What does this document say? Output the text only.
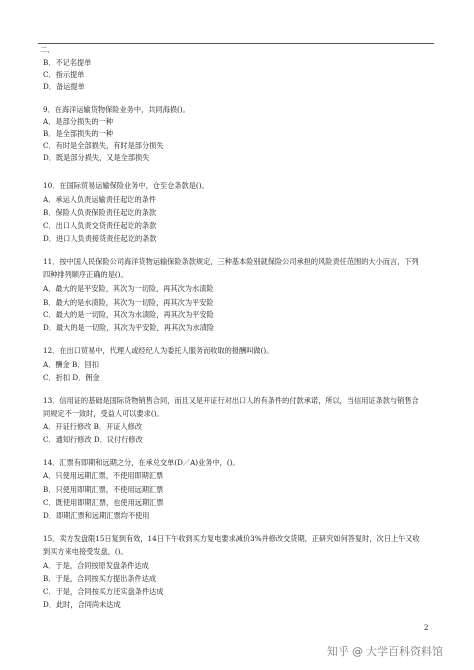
二、
B．不记名提单
C．指示提单
D．备运提单
9．在海洋运输货物保险业务中，共同海损()。
A．是部分损失的一种
B．是全部损失的一种
C．有时是全部损失，有时是部分损失
D．既是部分损失，又是全部损失
10．在国际贸易运输保险业务中，仓至仓条款是()。
A．承运人负责运输责任起讫的条件
B．保险人负责保险责任起讫的条款
C．出口人负责交货责任起讫的条款
D．进口人负责接货责任起讫的条款
11．按中国人民保险公司海洋货物运输保险条款规定，三种基本险别就保险公司承担的风险责任范围的大小而言，下列
四种排列顺序正确的是()。
A．最大的是平安险，其次为一切险，再其次为水渍险
B．最大的是水渍险，其次为一切险，再其次为平安险
C．最大的是一切险，其次为水渍险，再其次为平安险
D．最大的是一切险，其次为平安险，再其次为水渍险
12．在出口贸易中，代理人或经纪人为委托人服务而收取的报酬叫做()。
A．酬金 B．回扣
C．折扣 D．佣金
13．信用证的基础是国际货物销售合同，而且又是开证行对出口人的有条件的付款承诺，所以，当信用证条款与销售合
同规定不一致时，受益人可以要求()。
A．开证行修改 B．开证人修改
C．通知行修改 D．议付行修改
14．汇票有即期和远期之分，在承兑交单(D／A)业务中，()。
A．只使用远期汇票，不使用即期汇票
B．只使用即期汇票，不使用远期汇票
C．既使用即期汇票，也使用远期汇票
D．即期汇票和远期汇票均不使用
15．卖方发盘限15日复到有效，14日下午收到买方复电要求减价3%并修改交货期，正研究如何答复时，次日上午又收
到买方来电接受发盘，()。
A．于是，合同按原发盘条件达成
B．于是，合同按买方提出条件达成
C．于是，合同按买方还实盘条件达成
D．此时，合同尚未达成
2
知乎 @ 大学百科资料馆
